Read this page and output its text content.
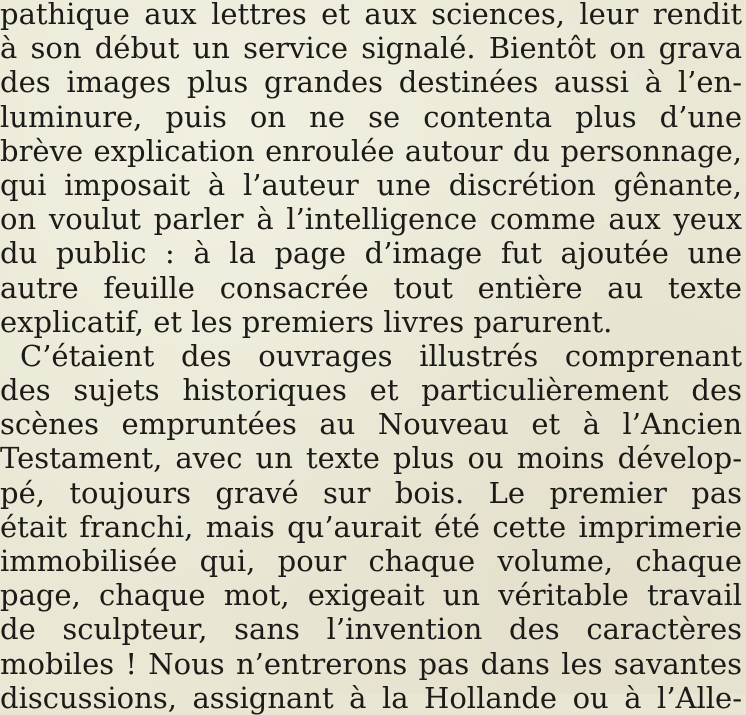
pathique aux lettres et aux sciences, leur rendit
à son début un service signalé. Bientôt on grava
des images plus grandes destinées aussi à l’en-
luminure, puis on ne se contenta plus d’une
brève explication enroulée autour du personnage,
qui imposait à l’auteur une discrétion gênante,
on voulut parler à l’intelligence comme aux yeux
du public : à la page d’image fut ajoutée une
autre feuille consacrée tout entière au texte
explicatif, et les premiers livres parurent.
C’étaient des ouvrages illustrés comprenant
des sujets historiques et particulièrement des
scènes empruntées au Nouveau et à l’Ancien
Testament, avec un texte plus ou moins dévelop-
pé, toujours gravé sur bois. Le premier pas
était franchi, mais qu’aurait été cette imprimerie
immobilisée qui, pour chaque volume, chaque
page, chaque mot, exigeait un véritable travail
de sculpteur, sans l’invention des caractères
mobiles ! Nous n’entrerons pas dans les savantes
discussions, assignant à la Hollande ou à l’Alle-
